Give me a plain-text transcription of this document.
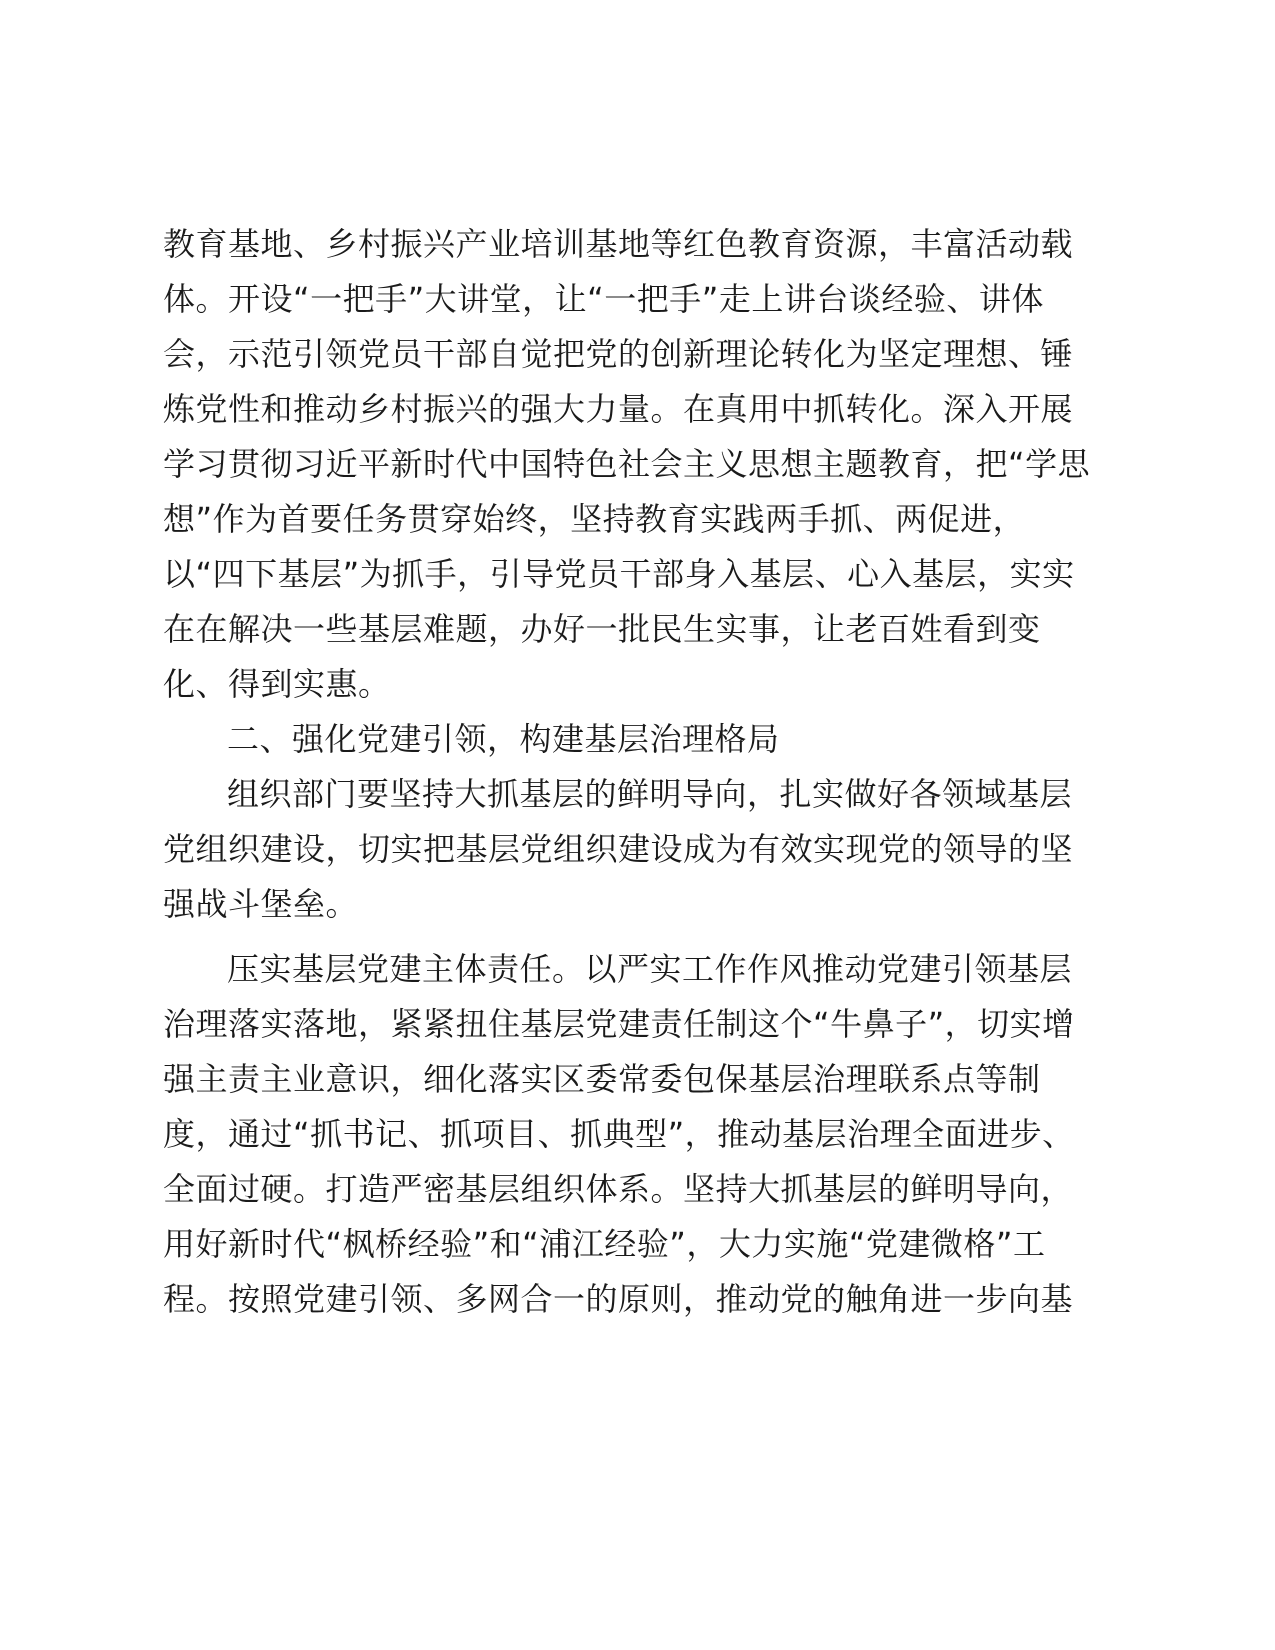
教育基地、乡村振兴产业培训基地等红色教育资源，丰富活动载
体。开设“一把手”大讲堂，让“一把手”走上讲台谈经验、讲体
会，示范引领党员干部自觉把党的创新理论转化为坚定理想、锤
炼党性和推动乡村振兴的强大力量。在真用中抓转化。深入开展
学习贯彻习近平新时代中国特色社会主义思想主题教育，把“学思
想”作为首要任务贯穿始终，坚持教育实践两手抓、两促进，
以“四下基层”为抓手，引导党员干部身入基层、心入基层，实实
在在解决一些基层难题，办好一批民生实事，让老百姓看到变
化、得到实惠。
二、强化党建引领，构建基层治理格局
组织部门要坚持大抓基层的鲜明导向，扎实做好各领域基层
党组织建设，切实把基层党组织建设成为有效实现党的领导的坚
强战斗堡垒。
压实基层党建主体责任。以严实工作作风推动党建引领基层
治理落实落地，紧紧扭住基层党建责任制这个“牛鼻子”，切实增
强主责主业意识，细化落实区委常委包保基层治理联系点等制
度，通过“抓书记、抓项目、抓典型”，推动基层治理全面进步、
全面过硬。打造严密基层组织体系。坚持大抓基层的鲜明导向，
用好新时代“枫桥经验”和“浦江经验”，大力实施“党建微格”工
程。按照党建引领、多网合一的原则，推动党的触角进一步向基
